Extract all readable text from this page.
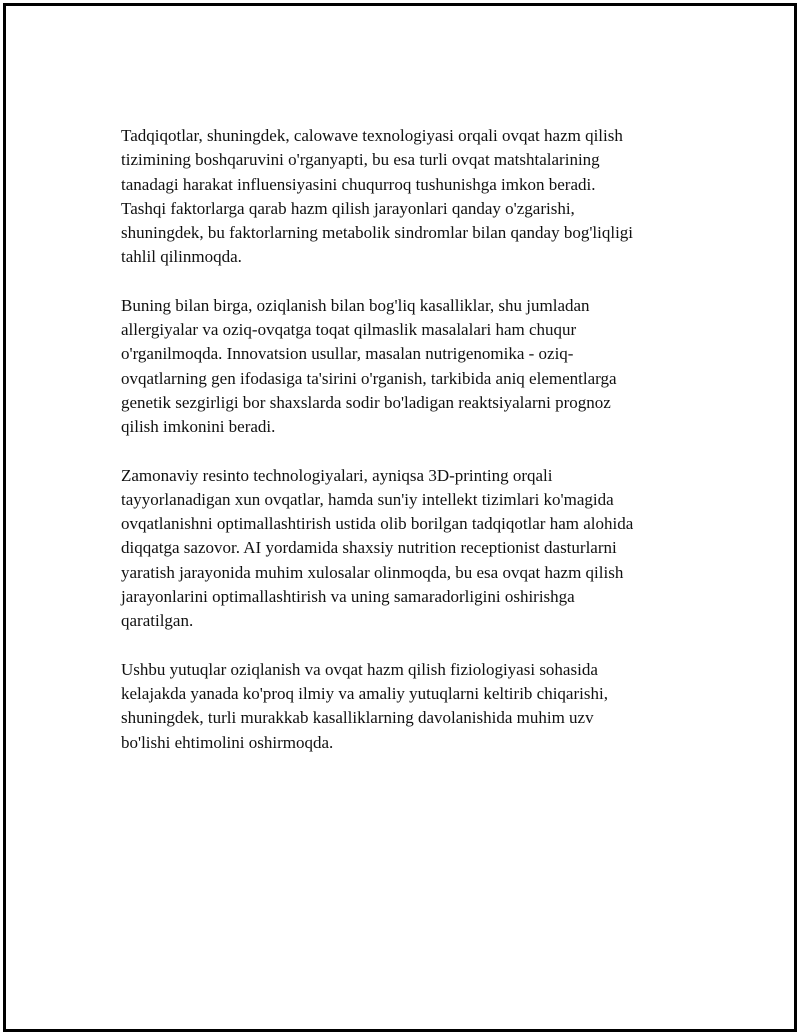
Tadqiqotlar, shuningdek, calowave texnologiyasi orqali ovqat hazm qilish
tizimining boshqaruvini o'rganyapti, bu esa turli ovqat matshtalarining
tanadagi harakat influensiyasini chuqurroq tushunishga imkon beradi.
Tashqi faktorlarga qarab hazm qilish jarayonlari qanday o'zgarishi,
shuningdek, bu faktorlarning metabolik sindromlar bilan qanday bog'liqligi
tahlil qilinmoqda.

Buning bilan birga, oziqlanish bilan bog'liq kasalliklar, shu jumladan
allergiyalar va oziq-ovqatga toqat qilmaslik masalalari ham chuqur
o'rganilmoqda. Innovatsion usullar, masalan nutrigenomika - oziq-
ovqatlarning gen ifodasiga ta'sirini o'rganish, tarkibida aniq elementlarga
genetik sezgirligi bor shaxslarda sodir bo'ladigan reaktsiyalarni prognoz
qilish imkonini beradi.

Zamonaviy resinto technologiyalari, ayniqsa 3D-printing orqali
tayyorlanadigan xun ovqatlar, hamda sun'iy intellekt tizimlari ko'magida
ovqatlanishni optimallashtirish ustida olib borilgan tadqiqotlar ham alohida
diqqatga sazovor. AI yordamida shaxsiy nutrition receptionist dasturlarni
yaratish jarayonida muhim xulosalar olinmoqda, bu esa ovqat hazm qilish
jarayonlarini optimallashtirish va uning samaradorligini oshirishga
qaratilgan.

Ushbu yutuqlar oziqlanish va ovqat hazm qilish fiziologiyasi sohasida
kelajakda yanada ko'proq ilmiy va amaliy yutuqlarni keltirib chiqarishi,
shuningdek, turli murakkab kasalliklarning davolanishida muhim uzv
bo'lishi ehtimolini oshirmoqda.
